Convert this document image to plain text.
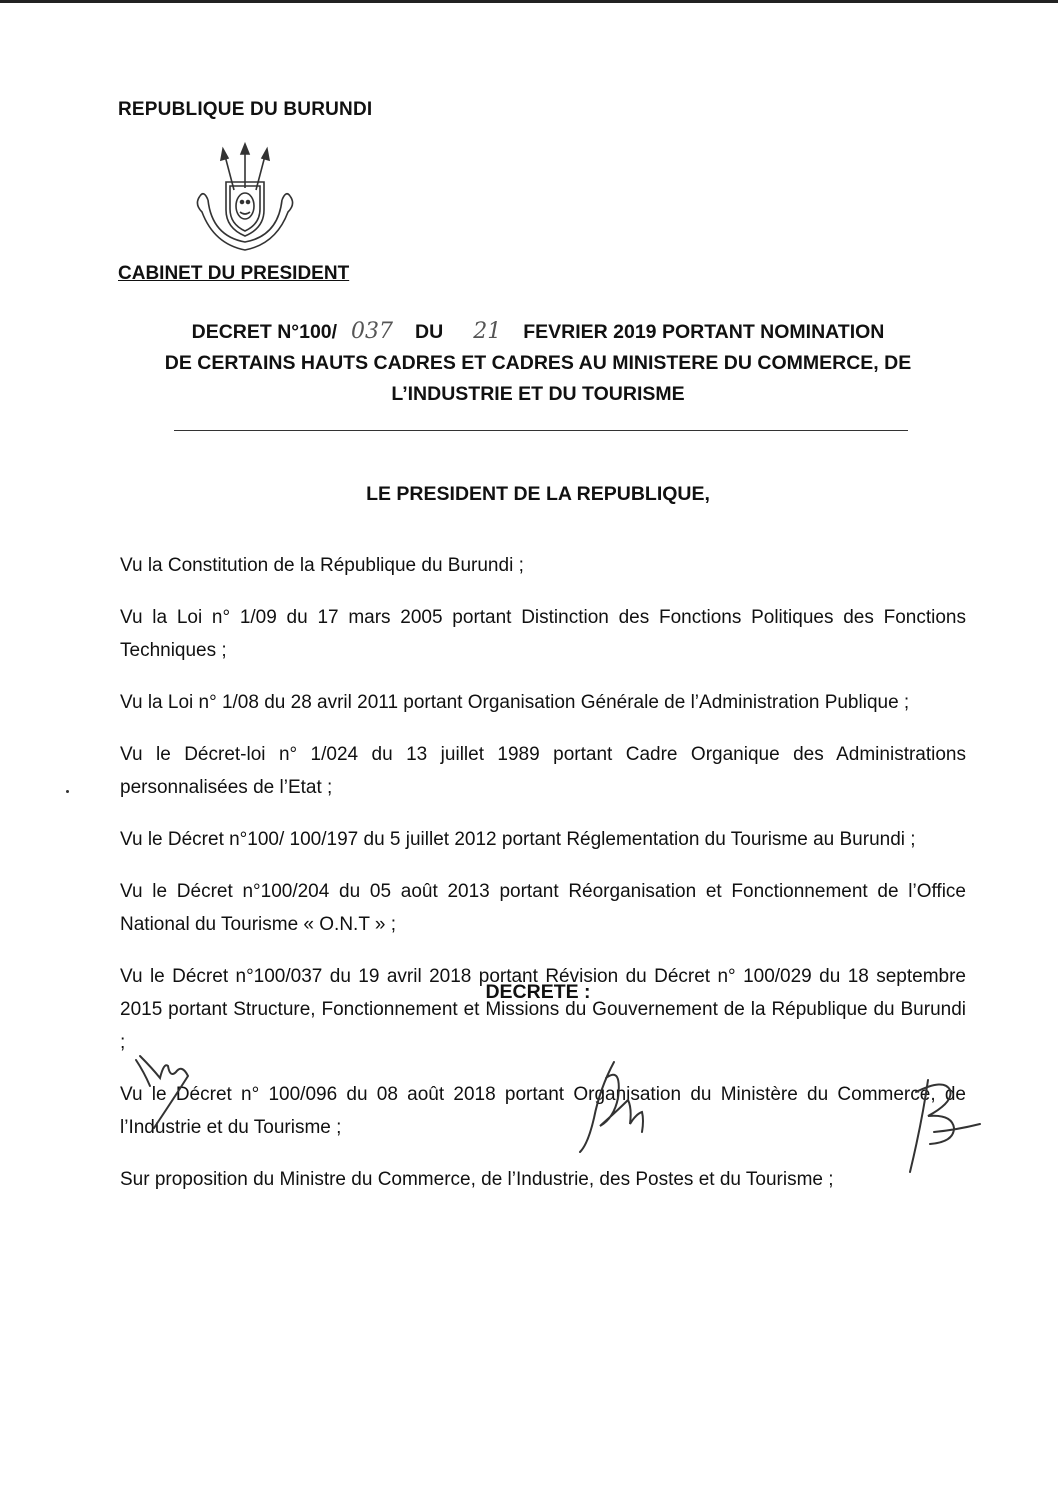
REPUBLIQUE DU BURUNDI
CABINET DU PRESIDENT
DECRET N°100/ 037 DU 21 FEVRIER 2019 PORTANT NOMINATION
DE CERTAINS HAUTS CADRES ET CADRES AU MINISTERE DU COMMERCE, DE
L’INDUSTRIE ET DU TOURISME
LE PRESIDENT DE LA REPUBLIQUE,

Vu la Constitution de la République du Burundi ;

Vu la Loi n° 1/09 du 17 mars 2005 portant Distinction des Fonctions Politiques des Fonctions Techniques ;

Vu la Loi n° 1/08 du 28 avril 2011 portant Organisation Générale de l’Administration Publique ;

Vu le Décret-loi n° 1/024 du 13 juillet 1989 portant Cadre Organique des Administrations personnalisées de l’Etat ;

Vu le Décret n°100/ 100/197 du 5 juillet 2012 portant Réglementation du Tourisme au Burundi ;

Vu le Décret n°100/204 du 05 août 2013 portant Réorganisation et Fonctionnement de l’Office National du Tourisme « O.N.T » ;

Vu le Décret n°100/037 du 19 avril 2018 portant Révision du Décret n° 100/029 du 18 septembre 2015 portant Structure, Fonctionnement et Missions du Gouvernement de la République du Burundi ;

Vu le Décret n° 100/096 du 08 août 2018 portant Organisation du Ministère du Commerce, de l’Industrie et du Tourisme ;

Sur proposition du Ministre du Commerce, de l’Industrie, des Postes et du Tourisme ;

DECRETE :
